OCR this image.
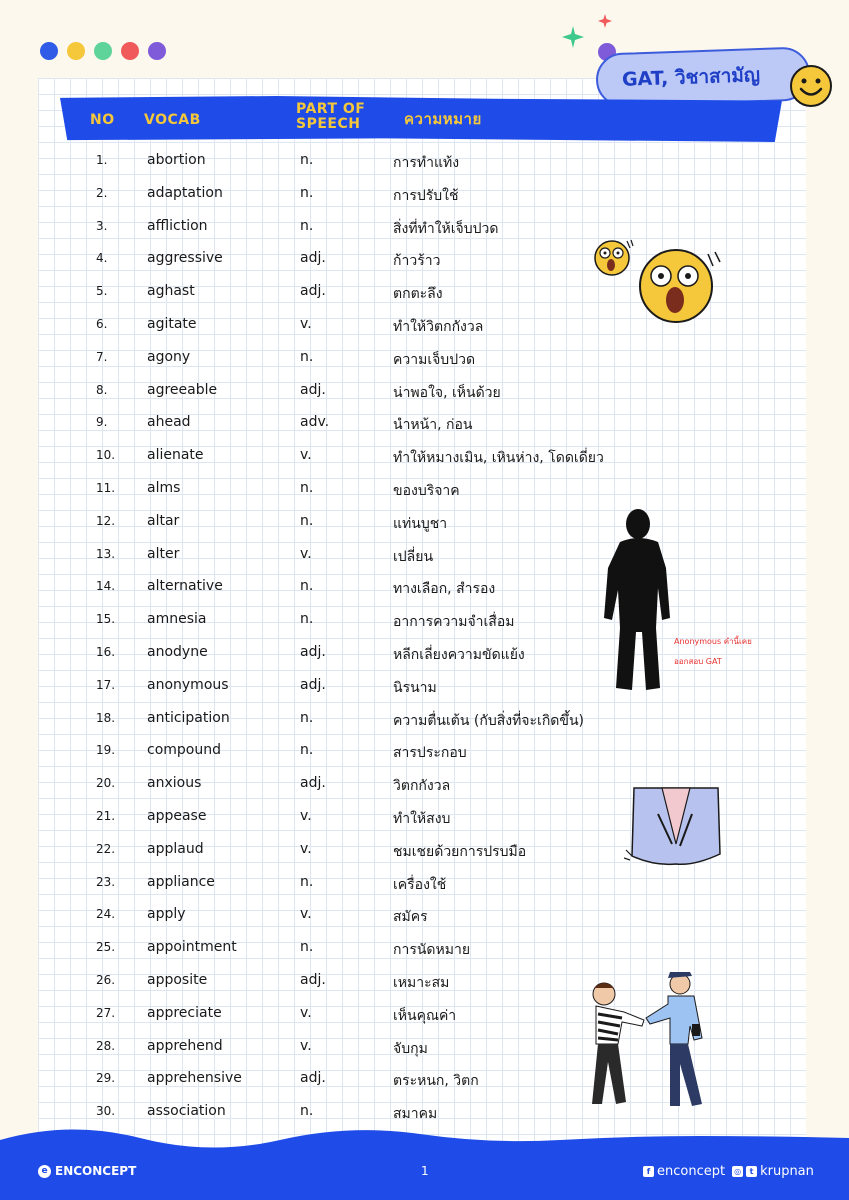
GAT, วิชาสามัญ
NO VOCAB
PART OF
SPEECH	ความหมาย
1.	abortion	n.	การทำแท้ง
2.	adaptation	n.	การปรับใช้
3.	affliction	n.	สิ่งที่ทำให้เจ็บปวด
4.	aggressive	adj.	ก้าวร้าว
5.	aghast	adj.	ตกตะลึง
6.	agitate	v.	ทำให้วิตกกังวล
7.	agony	n.	ความเจ็บปวด
8.	agreeable	adj.	น่าพอใจ, เห็นด้วย
9.	ahead	adv.	นำหน้า, ก่อน
10. alienate	v.	ทำให้หมางเมิน, เหินห่าง, โดดเดี่ยว
11. alms	n.	ของบริจาค
12. altar	n.	แท่นบูชา
13. alter	v.	เปลี่ยน
14. alternative	n.	ทางเลือก, สำรอง
15. amnesia	n.	อาการความจำเสื่อม
16. anodyne	adj.	หลีกเลี่ยงความขัดแย้ง
17. anonymous	adj.	นิรนาม
18. anticipation	n.	ความตื่นเต้น (กับสิ่งที่จะเกิดขึ้น)
19. compound	n.	สารประกอบ
20. anxious	adj.	วิตกกังวล
21. appease	v.	ทำให้สงบ
22. applaud	v.	ชมเชยด้วยการปรบมือ
23. appliance	n.	เครื่องใช้
24. apply	v.	สมัคร
25. appointment	n.	การนัดหมาย
26. apposite	adj.	เหมาะสม
27. appreciate	v.	เห็นคุณค่า
28. apprehend	v.	จับกุม
29. apprehensive	adj.	ตระหนก, วิตก
30. association	n.	สมาคม
Anonymous คำนี้เคย
ออกสอบ GAT
e ENCONCEPT	1	f enconcept ◎	t krupnan
